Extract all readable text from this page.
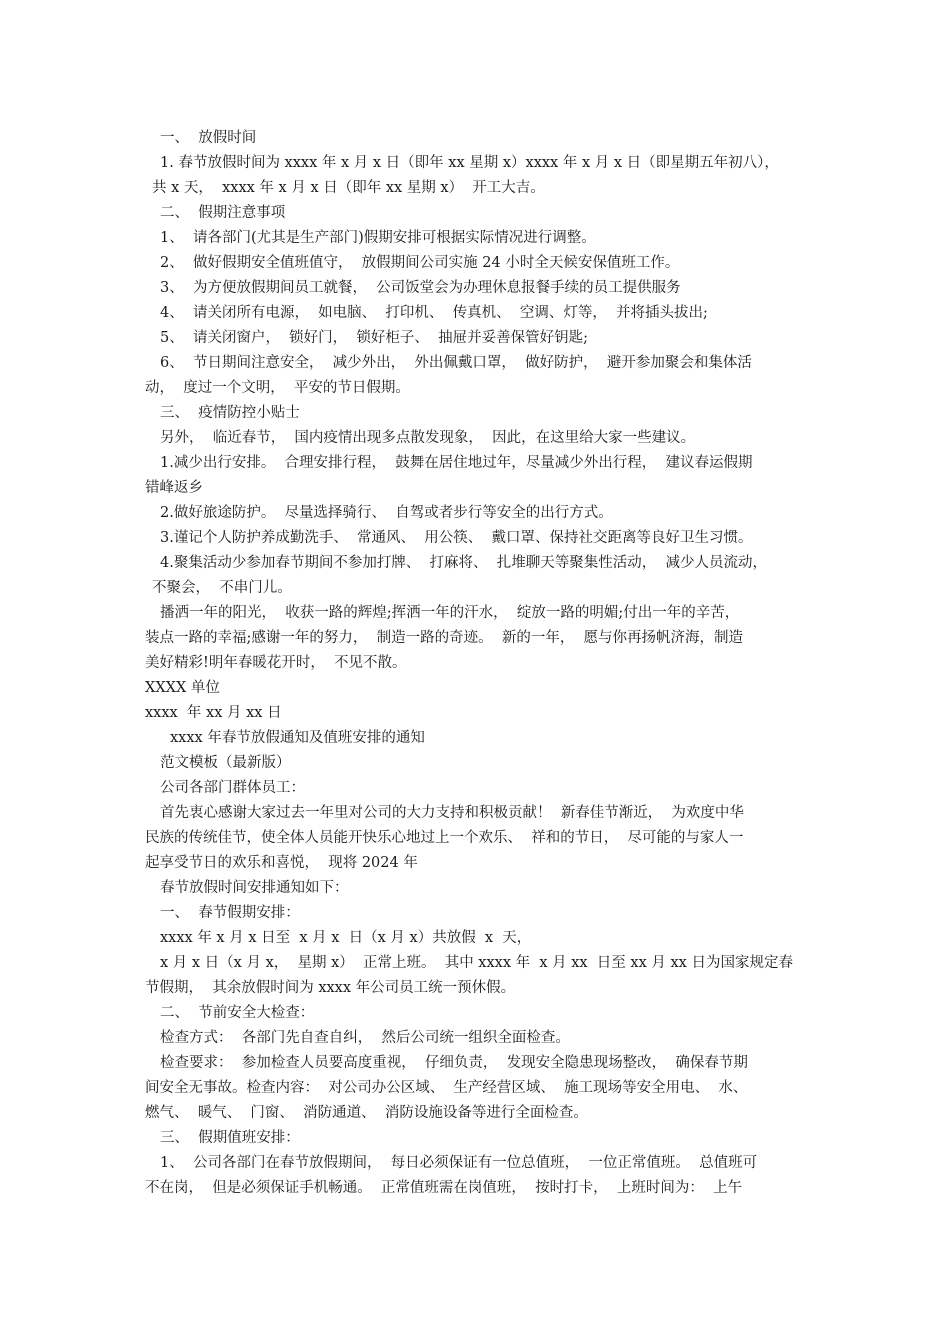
一、  放假时间

1. 春节放假时间为 xxxx 年 x 月 x 日（即年 xx 星期 x）xxxx 年 x 月 x 日（即星期五年初八），

共 x 天，  xxxx 年 x 月 x 日（即年 xx 星期 x）  开工大吉。

二、  假期注意事项

1、  请各部门(尤其是生产部门)假期安排可根据实际情况进行调整。

2、  做好假期安全值班值守，  放假期间公司实施 24 小时全天候安保值班工作。

3、  为方便放假期间员工就餐，  公司饭堂会为办理休息报餐手续的员工提供服务

4、  请关闭所有电源，  如电脑、  打印机、  传真机、  空调、灯等，  并将插头拔出;

5、  请关闭窗户，  锁好门，  锁好柜子、  抽屉并妥善保管好钥匙;

6、  节日期间注意安全，  减少外出，  外出佩戴口罩，  做好防护，  避开参加聚会和集体活

动，  度过一个文明，  平安的节日假期。

三、  疫情防控小贴士

另外，  临近春节，  国内疫情出现多点散发现象，  因此，在这里给大家一些建议。

1.减少出行安排。  合理安排行程，  鼓舞在居住地过年，尽量减少外出行程，  建议春运假期

错峰返乡

2.做好旅途防护。  尽量选择骑行、  自驾或者步行等安全的出行方式。

3.谨记个人防护养成勤洗手、  常通风、  用公筷、  戴口罩、保持社交距离等良好卫生习惯。

4.聚集活动少参加春节期间不参加打牌、  打麻将、  扎堆聊天等聚集性活动，  减少人员流动，

不聚会，  不串门儿。

播洒一年的阳光，  收获一路的辉煌;挥洒一年的汗水，  绽放一路的明媚;付出一年的辛苦，

装点一路的幸福;感谢一年的努力，  制造一路的奇迹。  新的一年，  愿与你再扬帆济海，制造

美好精彩!明年春暖花开时，  不见不散。

XXXX 单位

xxxx  年 xx 月 xx 日

xxxx 年春节放假通知及值班安排的通知

范文模板（最新版）

公司各部门群体员工：

首先衷心感谢大家过去一年里对公司的大力支持和积极贡献！  新春佳节渐近，  为欢度中华

民族的传统佳节，使全体人员能开快乐心地过上一个欢乐、  祥和的节日，  尽可能的与家人一

起享受节日的欢乐和喜悦，  现将 2024 年

春节放假时间安排通知如下：

一、  春节假期安排：

xxxx 年 x 月 x 日至  x 月 x  日（x 月 x）共放假  x  天，

x 月 x 日（x 月 x，  星期 x）  正常上班。  其中 xxxx 年  x 月 xx  日至 xx 月 xx 日为国家规定春

节假期，  其余放假时间为 xxxx 年公司员工统一预休假。

二、  节前安全大检查：

检查方式：  各部门先自查自纠，  然后公司统一组织全面检查。

检查要求：  参加检查人员要高度重视，  仔细负责，  发现安全隐患现场整改，  确保春节期

间安全无事故。检查内容：  对公司办公区域、  生产经营区域、  施工现场等安全用电、  水、

燃气、  暖气、  门窗、  消防通道、  消防设施设备等进行全面检查。

三、  假期值班安排：

1、  公司各部门在春节放假期间，  每日必须保证有一位总值班，  一位正常值班。  总值班可

不在岗，  但是必须保证手机畅通。  正常值班需在岗值班，  按时打卡，  上班时间为：  上午
